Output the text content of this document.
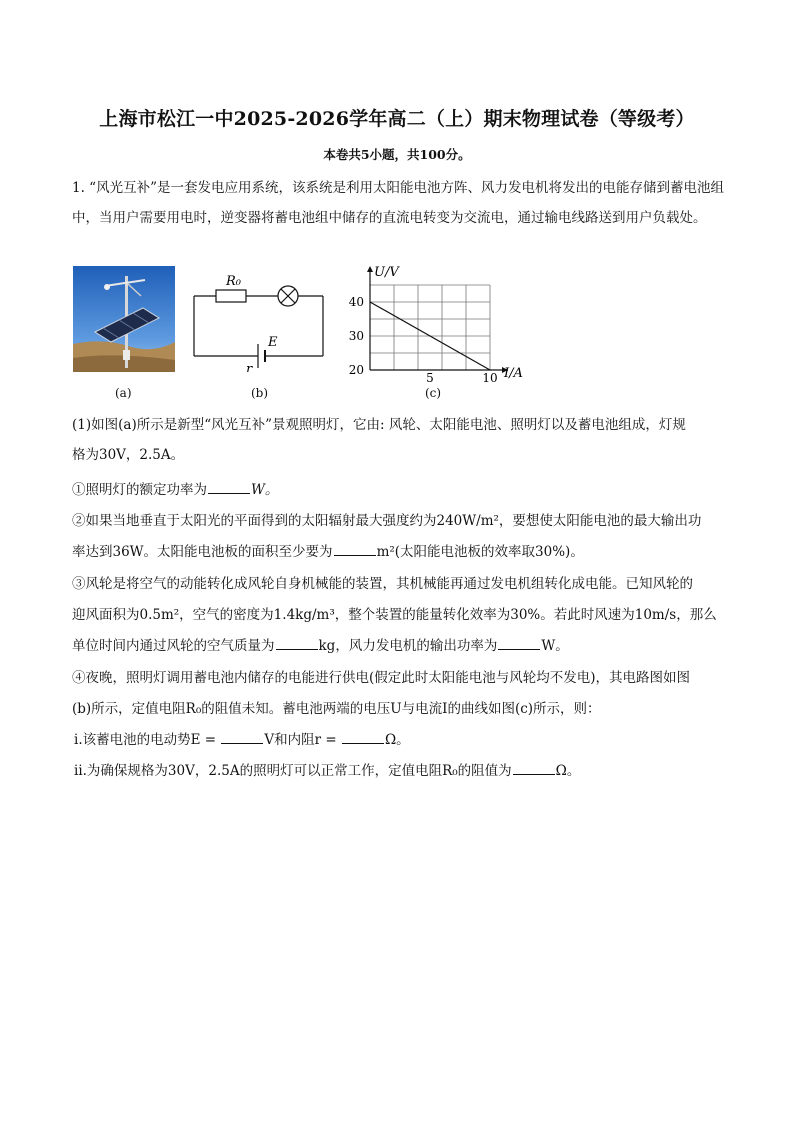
上海市松江一中2025-2026学年高二（上）期末物理试卷（等级考）
本卷共5小题，共100分。
1. “风光互补”是一套发电应用系统，该系统是利用太阳能电池方阵、风力发电机将发出的电能存储到蓄电池组中，当用户需要用电时，逆变器将蓄电池组中储存的直流电转变为交流电，通过输电线路送到用户负载处。
(a)
R₀
E
r
(b)
U/V
I/A
20
30
40
5	10
(c)
(1)如图(a)所示是新型“风光互补”景观照明灯，它由: 风轮、太阳能电池、照明灯以及蓄电池组成，灯规
格为30V，2.5A。
①照明灯的额定功率为	W。
②如果当地垂直于太阳光的平面得到的太阳辐射最大强度约为240W/m²，要想使太阳能电池的最大输出功
率达到36W。太阳能电池板的面积至少要为	m²(太阳能电池板的效率取30%)。
③风轮是将空气的动能转化成风轮自身机械能的装置，其机械能再通过发电机组转化成电能。已知风轮的
迎风面积为0.5m²，空气的密度为1.4kg/m³，整个装置的能量转化效率为30%。若此时风速为10m/s，那么
单位时间内通过风轮的空气质量为	kg，风力发电机的输出功率为	W。
④夜晚，照明灯调用蓄电池内储存的电能进行供电(假定此时太阳能电池与风轮均不发电)，其电路图如图
(b)所示，定值电阻R₀的阻值未知。蓄电池两端的电压U与电流I的曲线如图(c)所示，则：
ⅰ.该蓄电池的电动势E =	V和内阻r =	Ω。
ⅱ.为确保规格为30V，2.5A的照明灯可以正常工作，定值电阻R₀的阻值为	Ω。
